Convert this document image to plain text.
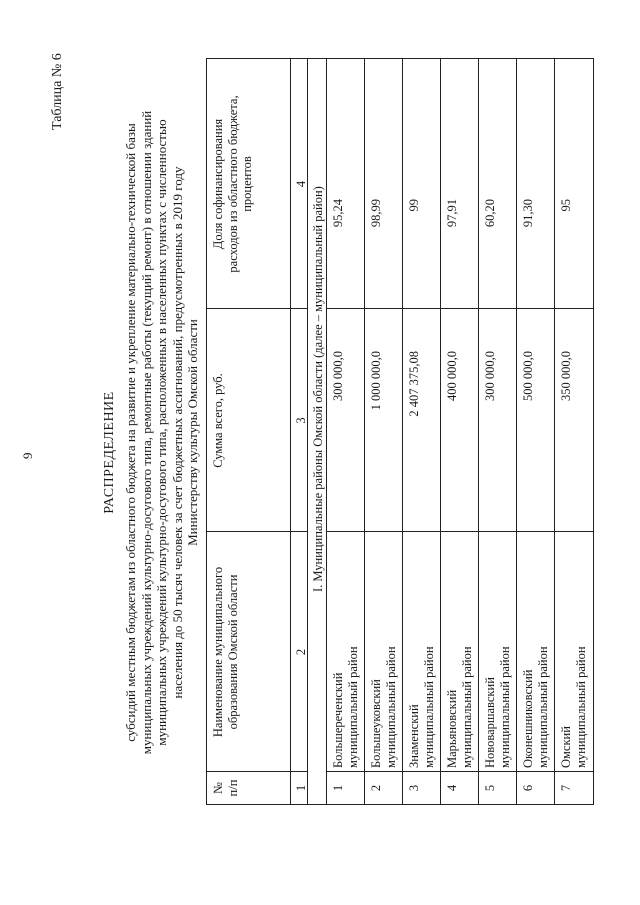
9
Таблица № 6
РАСПРЕДЕЛЕНИЕ субсидий местным бюджетам из областного бюджета на развитие и укрепление материально-технической базы муниципальных учреждений культурно-досугового типа, ремонтные работы (текущий ремонт) в отношении зданий муниципальных учреждений культурно-досугового типа, расположенных в населенных пунктах с численностью населения до 50 тысяч человек за счет бюджетных ассигнований, предусмотренных в 2019 году Министерству культуры Омской области
№ п/п
Наименование муниципального образования Омской области
Сумма всего, руб.
Доля софинансирования расходов из областного бюджета, процентов
1
2
3
4
I. Муниципальные районы Омской области (далее – муниципальный район)
1
Большереченский муниципальный район
300 000,0
95,24
2
Большеуковский муниципальный район
1 000 000,0
98,99
3
Знаменский муниципальный район
2 407 375,08
99
4
Марьяновский муниципальный район
400 000,0
97,91
5
Нововаршавский муниципальный район
300 000,0
60,20
6
Оконешниковский муниципальный район
500 000,0
91,30
7
Омский муниципальный район
350 000,0
95
